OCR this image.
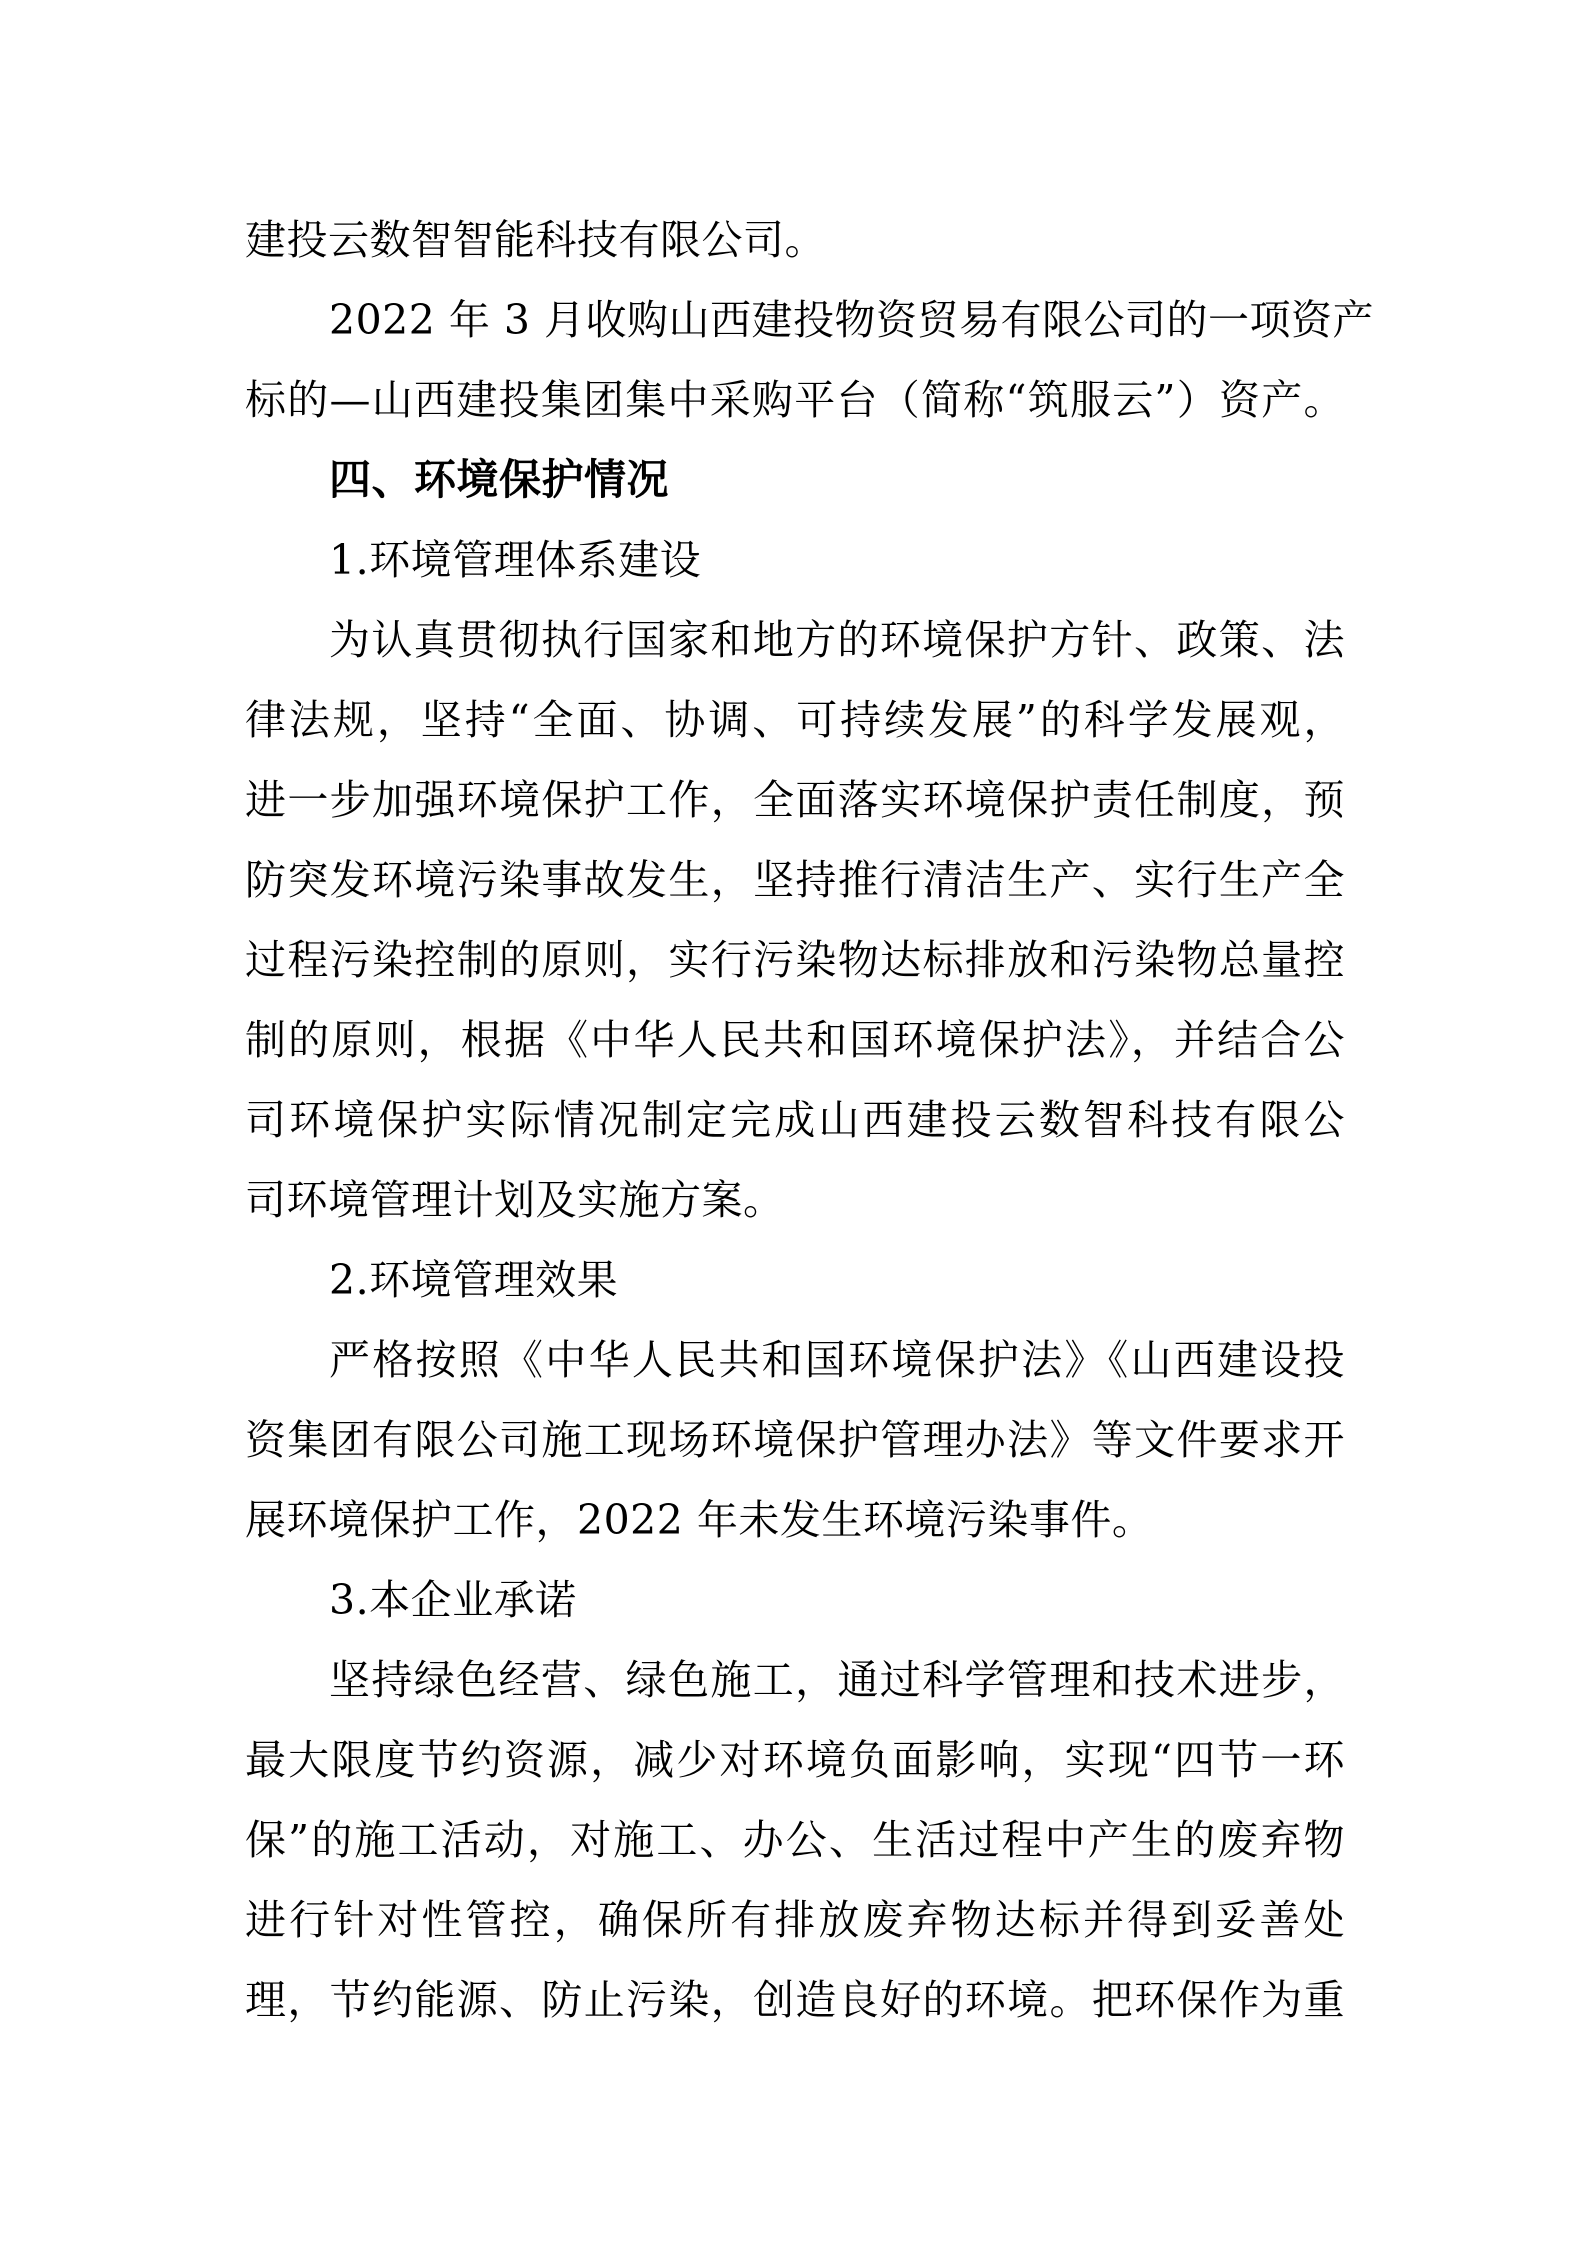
建投云数智智能科技有限公司。
2022 年 3 月收购山西建投物资贸易有限公司的一项资产
标的—山西建投集团集中采购平台（简称“筑服云”）资产。
四、环境保护情况
1.环境管理体系建设
为认真贯彻执行国家和地方的环境保护方针、政策、法
律法规，坚持“全面、协调、可持续发展”的科学发展观，
进一步加强环境保护工作，全面落实环境保护责任制度，预
防突发环境污染事故发生，坚持推行清洁生产、实行生产全
过程污染控制的原则，实行污染物达标排放和污染物总量控
制的原则，根据《中华人民共和国环境保护法》，并结合公
司环境保护实际情况制定完成山西建投云数智科技有限公
司环境管理计划及实施方案。
2.环境管理效果
严格按照《中华人民共和国环境保护法》《山西建设投
资集团有限公司施工现场环境保护管理办法》等文件要求开
展环境保护工作，2022 年未发生环境污染事件。
3.本企业承诺
坚持绿色经营、绿色施工，通过科学管理和技术进步，
最大限度节约资源，减少对环境负面影响，实现“四节一环
保”的施工活动，对施工、办公、生活过程中产生的废弃物
进行针对性管控，确保所有排放废弃物达标并得到妥善处
理，节约能源、防止污染，创造良好的环境。把环保作为重
